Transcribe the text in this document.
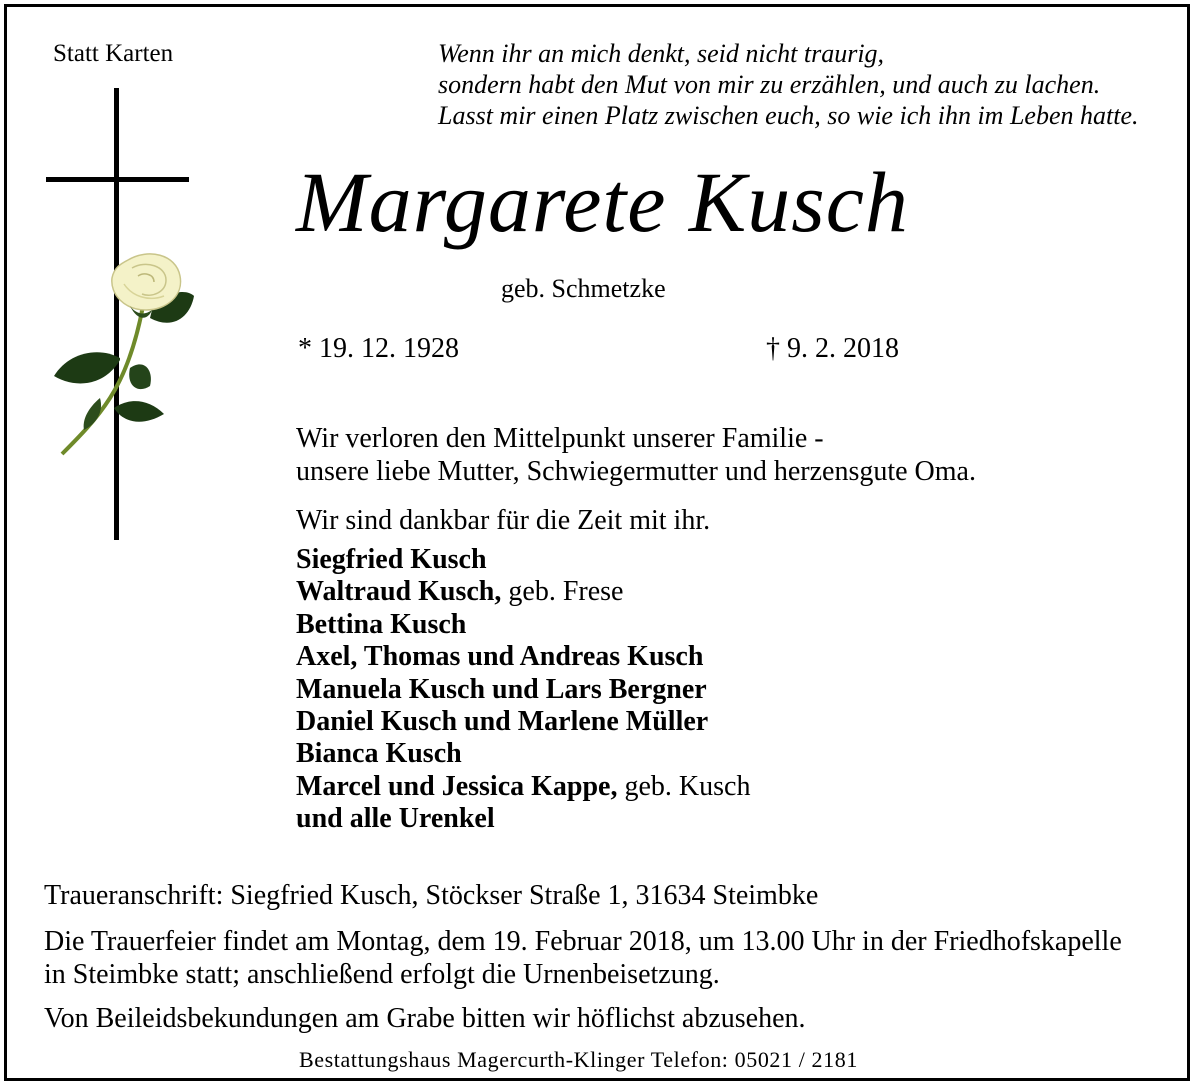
Statt Karten	Wenn ihr an mich denkt, seid nicht traurig,
sondern habt den Mut von mir zu erzählen, und auch zu lachen.
Lasst mir einen Platz zwischen euch, so wie ich ihn im Leben hatte.
Margarete Kusch
geb. Schmetzke
* 19. 12. 1928	† 9. 2. 2018
Wir verloren den Mittelpunkt unserer Familie -
unsere liebe Mutter, Schwiegermutter und herzensgute Oma.
Wir sind dankbar für die Zeit mit ihr.
Siegfried Kusch
Waltraud Kusch, geb. Frese
Bettina Kusch
Axel, Thomas und Andreas Kusch
Manuela Kusch und Lars Bergner
Daniel Kusch und Marlene Müller
Bianca Kusch
Marcel und Jessica Kappe, geb. Kusch
und alle Urenkel
Traueranschrift: Siegfried Kusch, Stöckser Straße 1, 31634 Steimbke
Die Trauerfeier findet am Montag, dem 19. Februar 2018, um 13.00 Uhr in der Friedhofskapelle
in Steimbke statt; anschließend erfolgt die Urnenbeisetzung.
Von Beileidsbekundungen am Grabe bitten wir höflichst abzusehen.
Bestattungshaus Magercurth-Klinger Telefon: 05021 / 2181
